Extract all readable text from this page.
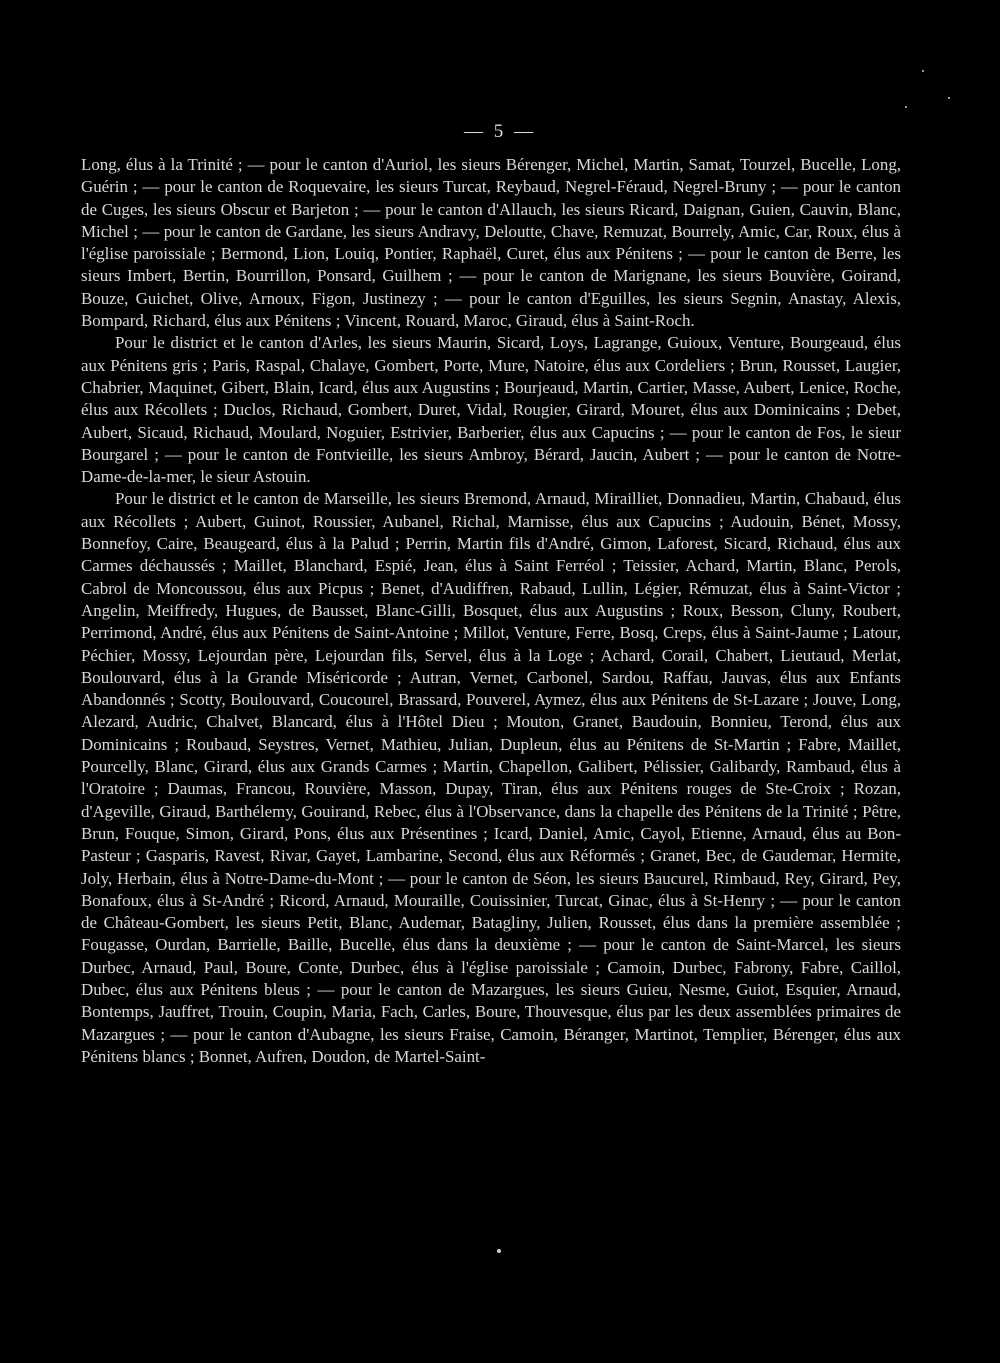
— 5 —

Long, élus à la Trinité ; — pour le canton d'Auriol, les sieurs Bérenger, Michel, Martin, Samat, Tourzel, Bucelle, Long, Guérin ; — pour le canton de Roquevaire, les sieurs Turcat, Reybaud, Negrel-Féraud, Negrel-Bruny ; — pour le canton de Cuges, les sieurs Obscur et Barjeton ; — pour le canton d'Allauch, les sieurs Ricard, Daignan, Guien, Cauvin, Blanc, Michel ; — pour le canton de Gardane, les sieurs Andravy, Deloutte, Chave, Remuzat, Bourrely, Amic, Car, Roux, élus à l'église paroissiale ; Bermond, Lion, Louiq, Pontier, Raphaël, Curet, élus aux Pénitens ; — pour le canton de Berre, les sieurs Imbert, Bertin, Bourrillon, Ponsard, Guilhem ; — pour le canton de Marignane, les sieurs Bouvière, Goirand, Bouze, Guichet, Olive, Arnoux, Figon, Justinezy ; — pour le canton d'Eguilles, les sieurs Segnin, Anastay, Alexis, Bompard, Richard, élus aux Pénitens ; Vincent, Rouard, Maroc, Giraud, élus à Saint-Roch.

Pour le district et le canton d'Arles, les sieurs Maurin, Sicard, Loys, Lagrange, Guioux, Venture, Bourgeaud, élus aux Pénitens gris ; Paris, Raspal, Chalaye, Gombert, Porte, Mure, Natoire, élus aux Cordeliers ; Brun, Rousset, Laugier, Chabrier, Maquinet, Gibert, Blain, Icard, élus aux Augustins ; Bourjeaud, Martin, Cartier, Masse, Aubert, Lenice, Roche, élus aux Récollets ; Duclos, Richaud, Gombert, Duret, Vidal, Rougier, Girard, Mouret, élus aux Dominicains ; Debet, Aubert, Sicaud, Richaud, Moulard, Noguier, Estrivier, Barberier, élus aux Capucins ; — pour le canton de Fos, le sieur Bourgarel ; — pour le canton de Fontvieille, les sieurs Ambroy, Bérard, Jaucin, Aubert ; — pour le canton de Notre-Dame-de-la-mer, le sieur Astouin.

Pour le district et le canton de Marseille, les sieurs Bremond, Arnaud, Mirailliet, Donnadieu, Martin, Chabaud, élus aux Récollets ; Aubert, Guinot, Roussier, Aubanel, Richal, Marnisse, élus aux Capucins ; Audouin, Bénet, Mossy, Bonnefoy, Caire, Beaugeard, élus à la Palud ; Perrin, Martin fils d'André, Gimon, Laforest, Sicard, Richaud, élus aux Carmes déchaussés ; Maillet, Blanchard, Espié, Jean, élus à Saint Ferréol ; Teissier, Achard, Martin, Blanc, Perols, Cabrol de Moncoussou, élus aux Picpus ; Benet, d'Audiffren, Rabaud, Lullin, Légier, Rémuzat, élus à Saint-Victor ; Angelin, Meiffredy, Hugues, de Bausset, Blanc-Gilli, Bosquet, élus aux Augustins ; Roux, Besson, Cluny, Roubert, Perrimond, André, élus aux Pénitens de Saint-Antoine ; Millot, Venture, Ferre, Bosq, Creps, élus à Saint-Jaume ; Latour, Péchier, Mossy, Lejourdan père, Lejourdan fils, Servel, élus à la Loge ; Achard, Corail, Chabert, Lieutaud, Merlat, Boulouvard, élus à la Grande Miséricorde ; Autran, Vernet, Carbonel, Sardou, Raffau, Jauvas, élus aux Enfants Abandonnés ; Scotty, Boulouvard, Coucourel, Brassard, Pouverel, Aymez, élus aux Pénitens de St-Lazare ; Jouve, Long, Alezard, Audric, Chalvet, Blancard, élus à l'Hôtel Dieu ; Mouton, Granet, Baudouin, Bonnieu, Terond, élus aux Dominicains ; Roubaud, Seystres, Vernet, Mathieu, Julian, Dupleun, élus au Pénitens de St-Martin ; Fabre, Maillet, Pourcelly, Blanc, Girard, élus aux Grands Carmes ; Martin, Chapellon, Galibert, Pélissier, Galibardy, Rambaud, élus à l'Oratoire ; Daumas, Francou, Rouvière, Masson, Dupay, Tiran, élus aux Pénitens rouges de Ste-Croix ; Rozan, d'Ageville, Giraud, Barthélemy, Gouirand, Rebec, élus à l'Observance, dans la chapelle des Pénitens de la Trinité ; Pêtre, Brun, Fouque, Simon, Girard, Pons, élus aux Présentines ; Icard, Daniel, Amic, Cayol, Etienne, Arnaud, élus au Bon-Pasteur ; Gasparis, Ravest, Rivar, Gayet, Lambarine, Second, élus aux Réformés ; Granet, Bec, de Gaudemar, Hermite, Joly, Herbain, élus à Notre-Dame-du-Mont ; — pour le canton de Séon, les sieurs Baucurel, Rimbaud, Rey, Girard, Pey, Bonafoux, élus à St-André ; Ricord, Arnaud, Mouraille, Couissinier, Turcat, Ginac, élus à St-Henry ; — pour le canton de Château-Gombert, les sieurs Petit, Blanc, Audemar, Batagliny, Julien, Rousset, élus dans la première assemblée ; Fougasse, Ourdan, Barrielle, Baille, Bucelle, élus dans la deuxième ; — pour le canton de Saint-Marcel, les sieurs Durbec, Arnaud, Paul, Boure, Conte, Durbec, élus à l'église paroissiale ; Camoin, Durbec, Fabrony, Fabre, Caillol, Dubec, élus aux Pénitens bleus ; — pour le canton de Mazargues, les sieurs Guieu, Nesme, Guiot, Esquier, Arnaud, Bontemps, Jauffret, Trouin, Coupin, Maria, Fach, Carles, Boure, Thouvesque, élus par les deux assemblées primaires de Mazargues ; — pour le canton d'Aubagne, les sieurs Fraise, Camoin, Béranger, Martinot, Templier, Bérenger, élus aux Pénitens blancs ; Bonnet, Aufren, Doudon, de Martel-Saint-
